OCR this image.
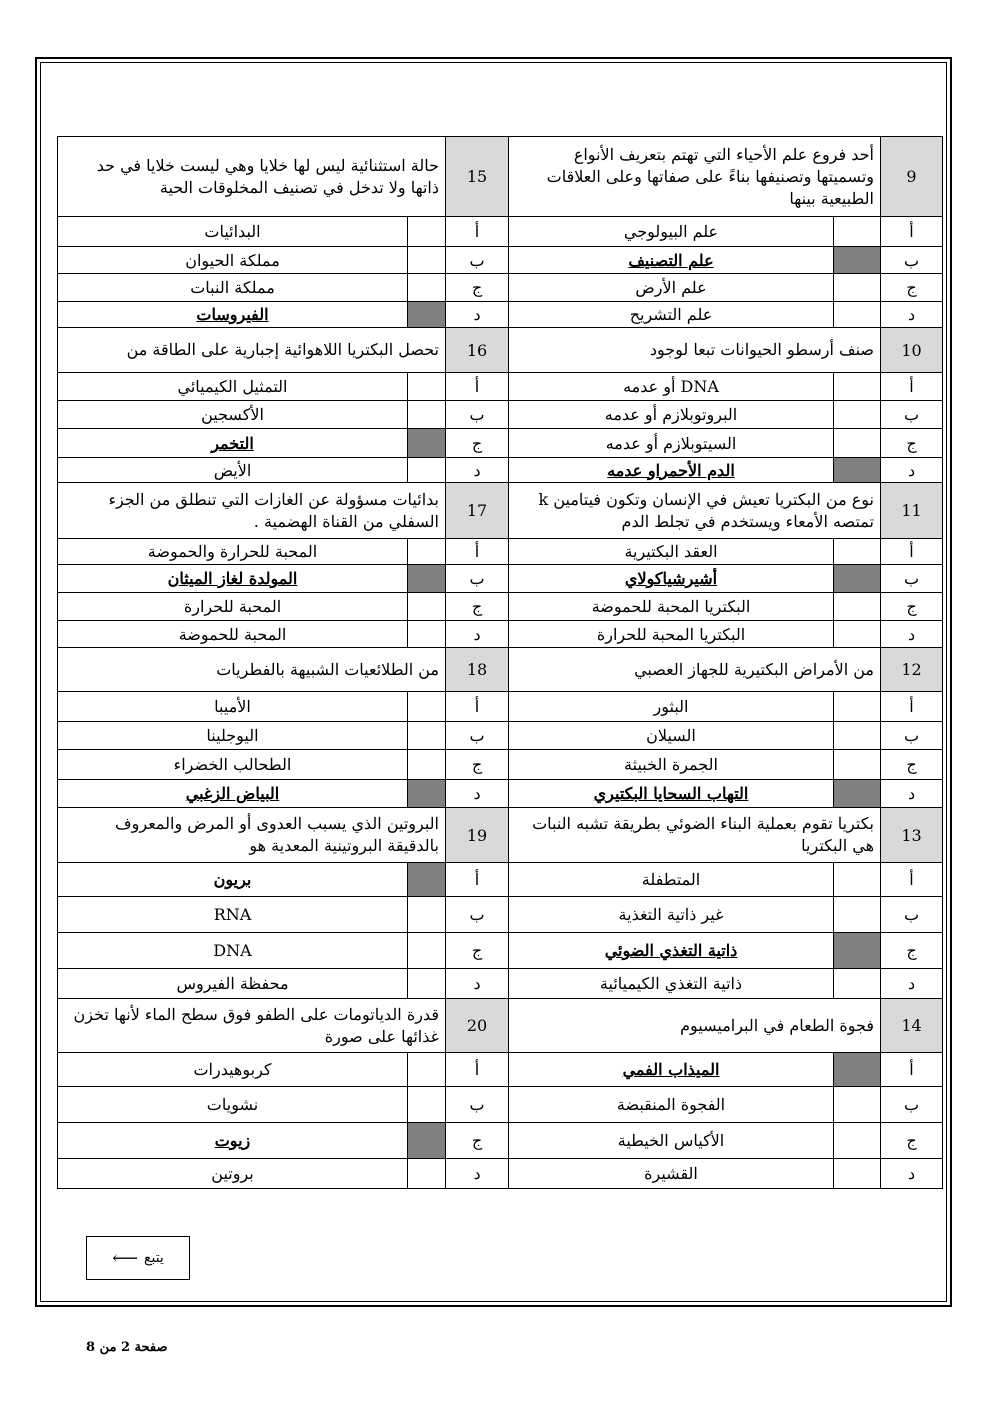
حالة استثنائية ليس لها خلايا وهي ليست خلايا في حد ذاتها ولا تدخل في تصنيف المخلوقات الحية		15	أحد فروع علم الأحياء التي تهتم بتعريف الأنواع وتسميتها وتصنيفها بناءً على صفاتها وعلى العلاقات الطبيعية بينها		9
البدائيات		أ	علم البيولوجي		أ
مملكة الحيوان		ب	علم التصنيف		ب
مملكة النبات		ج	علم الأرض		ج
الفيروسات		د	علم التشريح		د
تحصل البكتريا اللاهوائية إجبارية على الطاقة من		16	صنف أرسطو الحيوانات تبعا لوجود		10
التمثيل الكيميائي		أ	DNA أو عدمه		أ
الأكسجين		ب	البروتوبلازم أو عدمه		ب
التخمر		ج	السيتوبلازم أو عدمه		ج
الأيض		د	الدم الأحمراو عدمه		د
بدائيات مسؤولة عن الغازات التي تنطلق من الجزء السفلي من القناة الهضمية .		17	نوع من البكتريا تعيش في الإنسان وتكون فيتامين k تمتصه الأمعاء ويستخدم في تجلط الدم		11
المحبة للحرارة والحموضة		أ	العقد البكتيرية		أ
المولدة لغاز الميثان		ب	أشيرشياكولاي		ب
المحبة للحرارة		ج	البكتريا المحبة للحموضة		ج
المحبة للحموضة		د	البكتريا المحبة للحرارة		د
من الطلائعيات الشبيهة بالفطريات		18	من الأمراض البكتيرية للجهاز العصبي		12
الأميبا		أ	البثور		أ
اليوجلينا		ب	السيلان		ب
الطحالب الخضراء		ج	الجمرة الخبيثة		ج
البياض الزغبي		د	التهاب السحايا البكتيري		د
البروتين الذي يسبب العدوى أو المرض والمعروف بالدقيقة البروتينية المعدية هو		19	بكتريا تقوم بعملية البناء الضوئي بطريقة تشبه النبات هي البكتريا		13
بريون		أ	المتطفلة		أ
RNA		ب	غير ذاتية التغذية		ب
DNA		ج	ذاتية التغذي الضوئي		ج
محفظة الفيروس		د	ذاتية التغذي الكيميائية		د
قدرة الدياتومات على الطفو فوق سطح الماء لأنها تخزن غذائها على صورة		20	فجوة الطعام في البراميسيوم		14
كربوهيدرات		أ	الميذاب الفمي		أ
نشويات		ب	الفجوة المنقبضة		ب
زيوت		ج	الأكياس الخيطية		ج
بروتين		د	القشيرة		د
يتبع
⟵
صفحة 2 من 8
